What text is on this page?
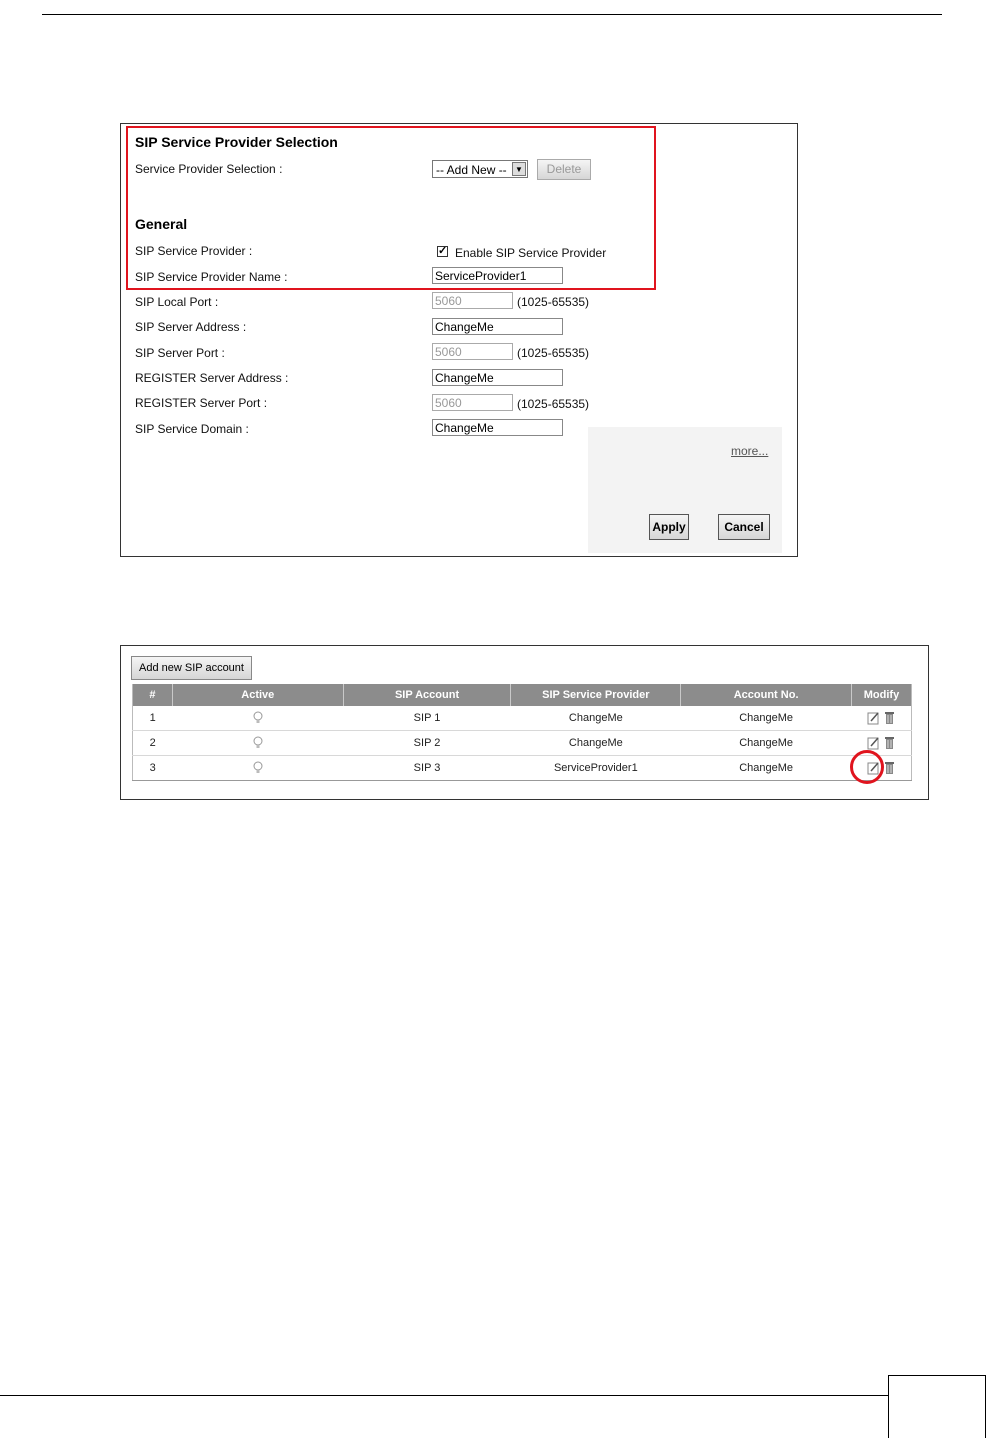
SIP Service Provider Selection
Service Provider Selection :	-- Add New --	▼	Delete
General
SIP Service Provider :	✓ Enable SIP Service Provider
SIP Service Provider Name :
ServiceProvider1
SIP Local Port :
5060	(1025-65535)
SIP Server Address :
ChangeMe
SIP Server Port :
5060	(1025-65535)
REGISTER Server Address :
ChangeMe
REGISTER Server Port :
5060	(1025-65535)
SIP Service Domain :
ChangeMe
more...
Apply	Cancel
Add new SIP account
#	Active	SIP Account	SIP Service Provider	Account No.	Modify
1		SIP 1	ChangeMe	ChangeMe	
2		SIP 2	ChangeMe	ChangeMe	
3		SIP 3	ServiceProvider1	ChangeMe	
